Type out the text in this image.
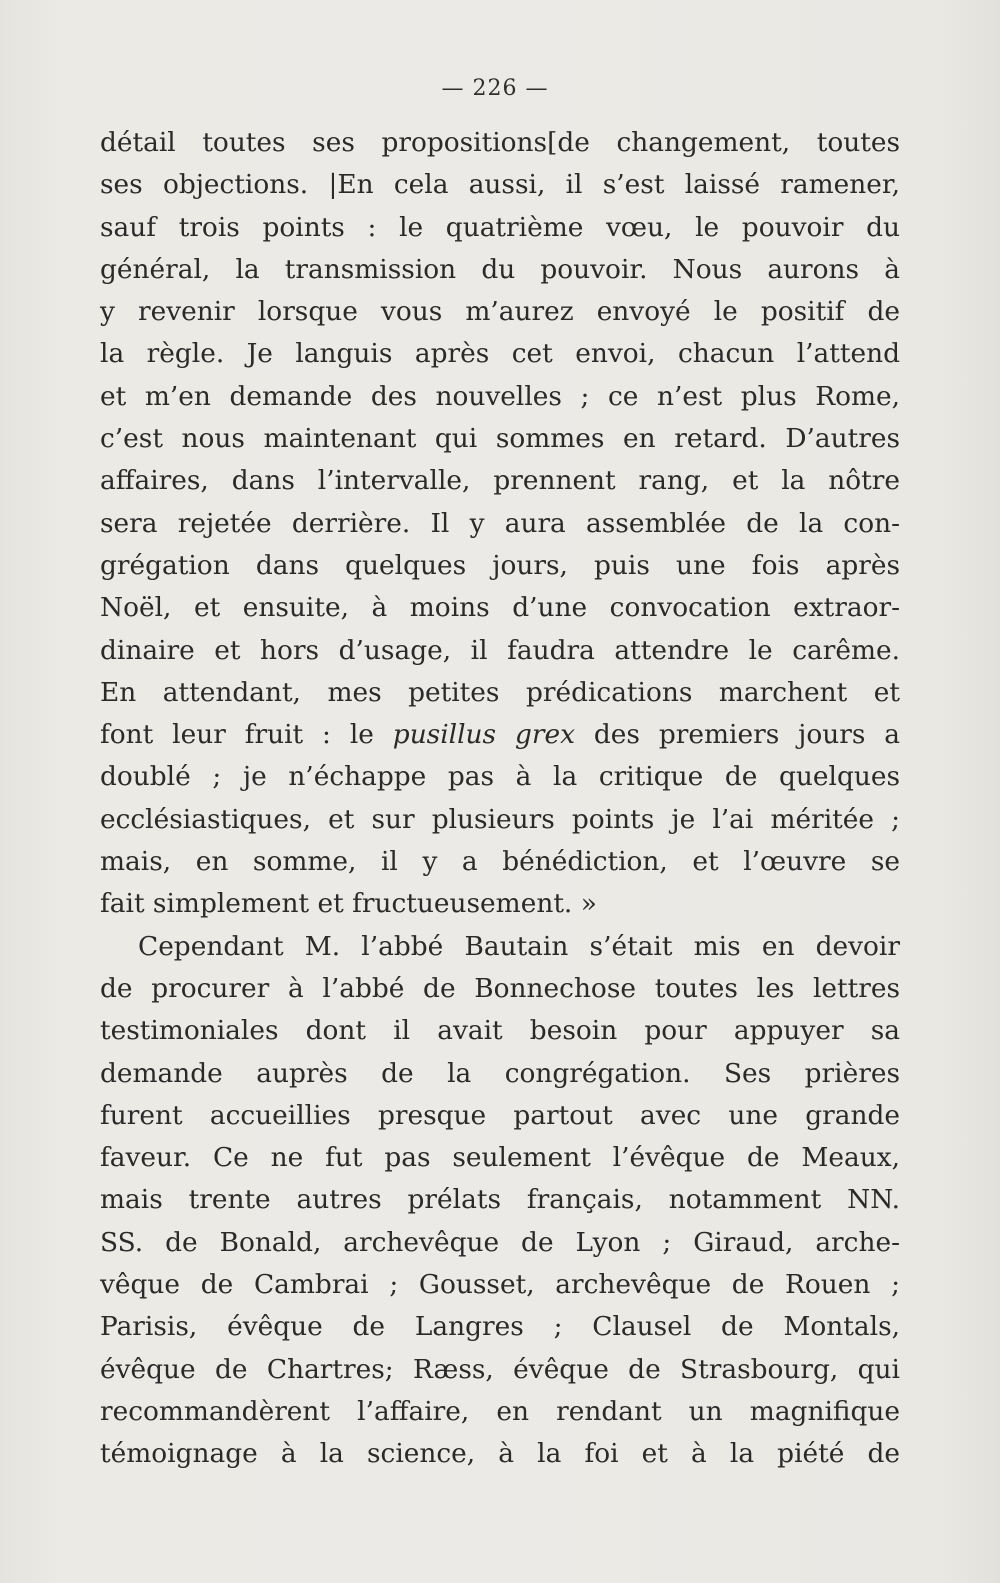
— 226 —
détail toutes ses propositions[de changement, toutes
ses objections. |En cela aussi, il s’est laissé ramener,
sauf trois points : le quatrième vœu, le pouvoir du
général, la transmission du pouvoir. Nous aurons à
y revenir lorsque vous m’aurez envoyé le positif de
la règle. Je languis après cet envoi, chacun l’attend
et m’en demande des nouvelles ; ce n’est plus Rome,
c’est nous maintenant qui sommes en retard. D’autres
affaires, dans l’intervalle, prennent rang, et la nôtre
sera rejetée derrière. Il y aura assemblée de la con-
grégation dans quelques jours, puis une fois après
Noël, et ensuite, à moins d’une convocation extraor-
dinaire et hors d’usage, il faudra attendre le carême.
En attendant, mes petites prédications marchent et
font leur fruit : le pusillus grex des premiers jours a
doublé ; je n’échappe pas à la critique de quelques
ecclésiastiques, et sur plusieurs points je l’ai méritée ;
mais, en somme, il y a bénédiction, et l’œuvre se
fait simplement et fructueusement. »
Cependant M. l’abbé Bautain s’était mis en devoir
de procurer à l’abbé de Bonnechose toutes les lettres
testimoniales dont il avait besoin pour appuyer sa
demande auprès de la congrégation. Ses prières
furent accueillies presque partout avec une grande
faveur. Ce ne fut pas seulement l’évêque de Meaux,
mais trente autres prélats français, notamment NN.
SS. de Bonald, archevêque de Lyon ; Giraud, arche-
vêque de Cambrai ; Gousset, archevêque de Rouen ;
Parisis, évêque de Langres ; Clausel de Montals,
évêque de Chartres; Ræss, évêque de Strasbourg, qui
recommandèrent l’affaire, en rendant un magnifique
témoignage à la science, à la foi et à la piété de
